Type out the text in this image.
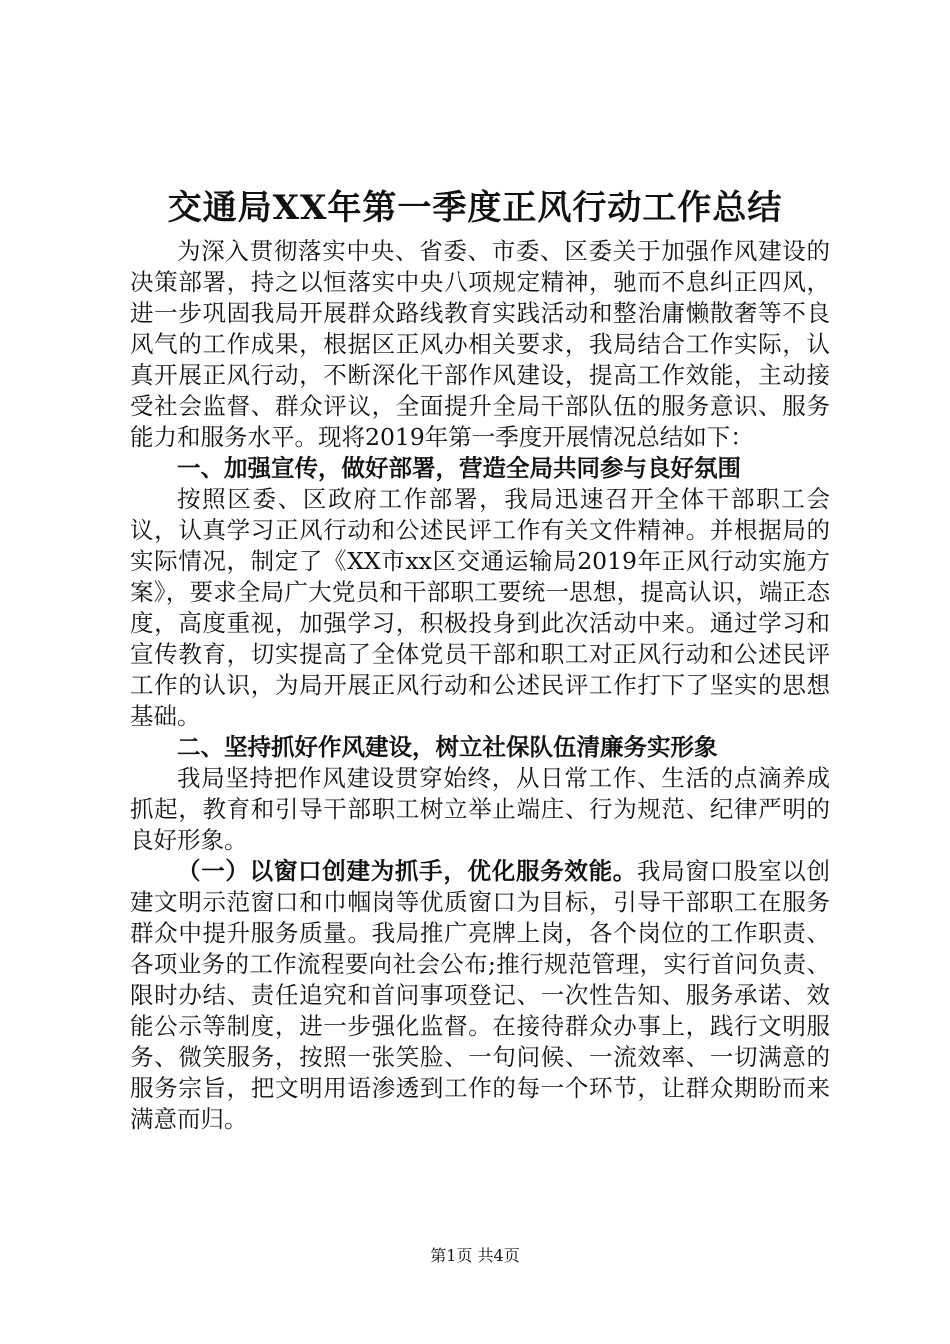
交通局XX年第一季度正风行动工作总结

为深入贯彻落实中央、省委、市委、区委关于加强作风建设的决策部署，持之以恒落实中央八项规定精神，驰而不息纠正四风，进一步巩固我局开展群众路线教育实践活动和整治庸懒散奢等不良风气的工作成果，根据区正风办相关要求，我局结合工作实际，认真开展正风行动，不断深化干部作风建设，提高工作效能，主动接受社会监督、群众评议，全面提升全局干部队伍的服务意识、服务能力和服务水平。现将2019年第一季度开展情况总结如下：

一、加强宣传，做好部署，营造全局共同参与良好氛围

按照区委、区政府工作部署，我局迅速召开全体干部职工会议，认真学习正风行动和公述民评工作有关文件精神。并根据局的实际情况，制定了《XX市xx区交通运输局2019年正风行动实施方案》，要求全局广大党员和干部职工要统一思想，提高认识，端正态度，高度重视，加强学习，积极投身到此次活动中来。通过学习和宣传教育，切实提高了全体党员干部和职工对正风行动和公述民评工作的认识，为局开展正风行动和公述民评工作打下了坚实的思想基础。

二、坚持抓好作风建设，树立社保队伍清廉务实形象

我局坚持把作风建设贯穿始终，从日常工作、生活的点滴养成抓起，教育和引导干部职工树立举止端庄、行为规范、纪律严明的良好形象。

（一）以窗口创建为抓手，优化服务效能。我局窗口股室以创建文明示范窗口和巾帼岗等优质窗口为目标，引导干部职工在服务群众中提升服务质量。我局推广亮牌上岗，各个岗位的工作职责、各项业务的工作流程要向社会公布;推行规范管理，实行首问负责、限时办结、责任追究和首问事项登记、一次性告知、服务承诺、效能公示等制度，进一步强化监督。在接待群众办事上，践行文明服务、微笑服务，按照一张笑脸、一句问候、一流效率、一切满意的服务宗旨，把文明用语渗透到工作的每一个环节，让群众期盼而来满意而归。

第1页 共4页
